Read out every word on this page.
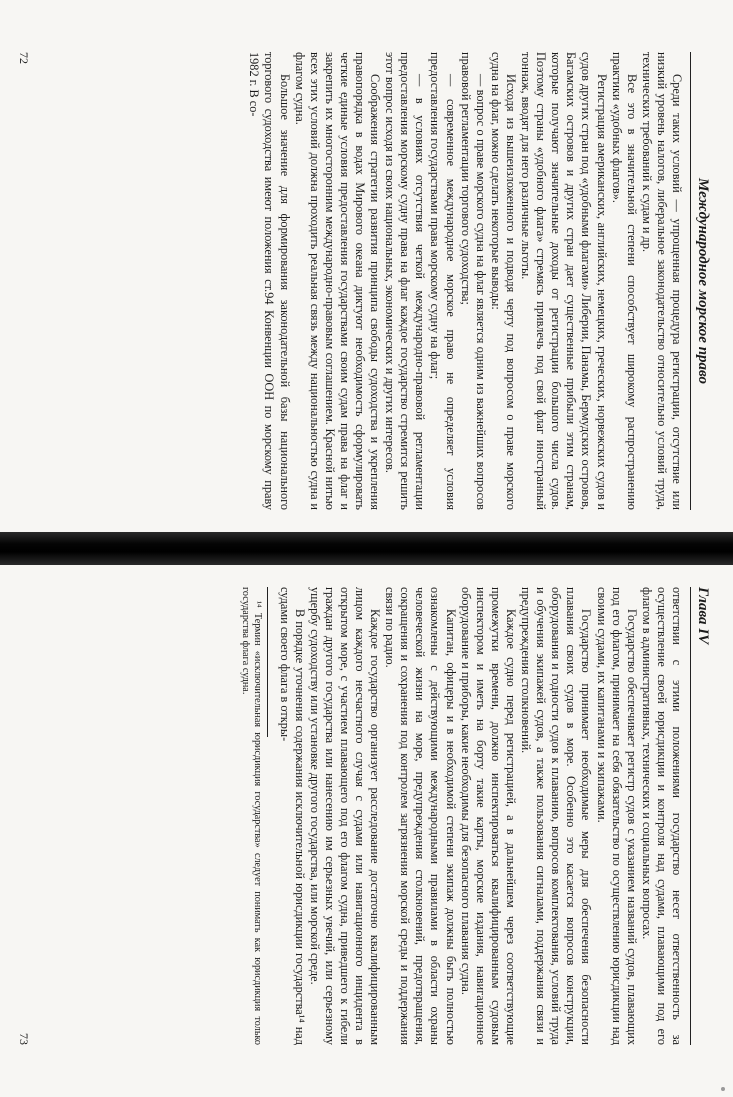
Международное морское право

Среди таких условий — упрощенная процедура регистрации, отсутствие или низкий уровень налогов, либеральное законодательство относительно условий труда, технических требований к судам и др.

Все это в значительной степени способствует широкому распространению практики «удобных флагов».

Регистрация американских, английских, немецких, греческих, норвежских судов и судов других стран под «удобными флагами» Либерии, Панамы, Бермудских островов, Багамских островов и других стран дает существенные прибыли этим странам, которые получают значительные доходы от регистрации большого числа судов. Поэтому страны «удобного флага» стремясь привлечь под свой флаг иностранный тоннаж, вводят для него различные льготы.

Исходя из вышеизложенного и подводя черту под вопросом о праве морского судна на флаг, можно сделать некоторые выводы:

— вопрос о праве морского судна на флаг является одним из важнейших вопросов правовой регламентации торгового судоходства;

— современное международное морское право не определяет условия предоставления государствами права морскому судну на флаг;

— в условиях отсутствия четкой международно-правовой регламентации предоставления морскому судну права на флаг каждое государство стремится решить этот вопрос исходя из своих национальных, экономических и других интересов.

Соображения стратегии развития принципа свободы судоходства и укрепления правопорядка в водах Мирового океана диктуют необходимость сформулировать четкие единые условия предоставления государствами своим судам права на флаг и закрепить их многосторонним международно-правовым соглашением. Красной нитью всех этих условий должна проходить реальная связь между национальностью судна и флагом судна.

Большое значение для формирования законодательной базы национального торгового судоходства имеют положения ст.94 Конвенции ООН по морскому праву 1982 г. В со-

72
Глава IV

ответствии с этими положениями государство несет ответственность за осуществление своей юрисдикции и контроля над судами, плавающими под его флагом в административных, технических и социальных вопросах.

Государство обеспечивает регистр судов с указанием названий судов, плавающих под его флагом, принимает на себя обязательство по осуществлению юрисдикции над своими судами, их капитанами и экипажами.

Государство принимает необходимые меры для обеспечения безопасности плавания своих судов в море. Особенно это касается вопросов конструкции, оборудования и годности судов к плаванию, вопросов комплектования, условий труда и обучения экипажей судов, а также пользования сигналами, поддержания связи и предупреждения столкновений.

Каждое судно перед регистрацией, а в дальнейшем через соответствующие промежутки времени, должно инспектироваться квалифицированным судовым инспектором и иметь на борту такие карты, морские издания, навигационное оборудование и приборы, какие необходимы для безопасного плавания судна.

Капитан, офицеры и в необходимой степени экипаж должны быть полностью ознакомлены с действующими международными правилами в области охраны человеческой жизни на море, предупреждения столкновений, предотвращения, сокращения и сохранения под контролем загрязнения морской среды и поддержания связи по радио.

Каждое государство организует расследование достаточно квалифицированным лицом каждого несчастного случая с судами или навигационного инцидента в открытом море, с участием плавающего под его флагом судна, приведшего к гибели граждан другого государства или нанесению им серьезных увечий, или серьезному ущербу судоходству или установке другого государства, или морской среде.

В порядке уточнения содержания исключительной юрисдикции государства¹⁴ над судами своего флага в откры-

¹⁴ Термин «исключительная юрисдикция государства» следует понимать как юрисдикция только государства флага судна.

73
